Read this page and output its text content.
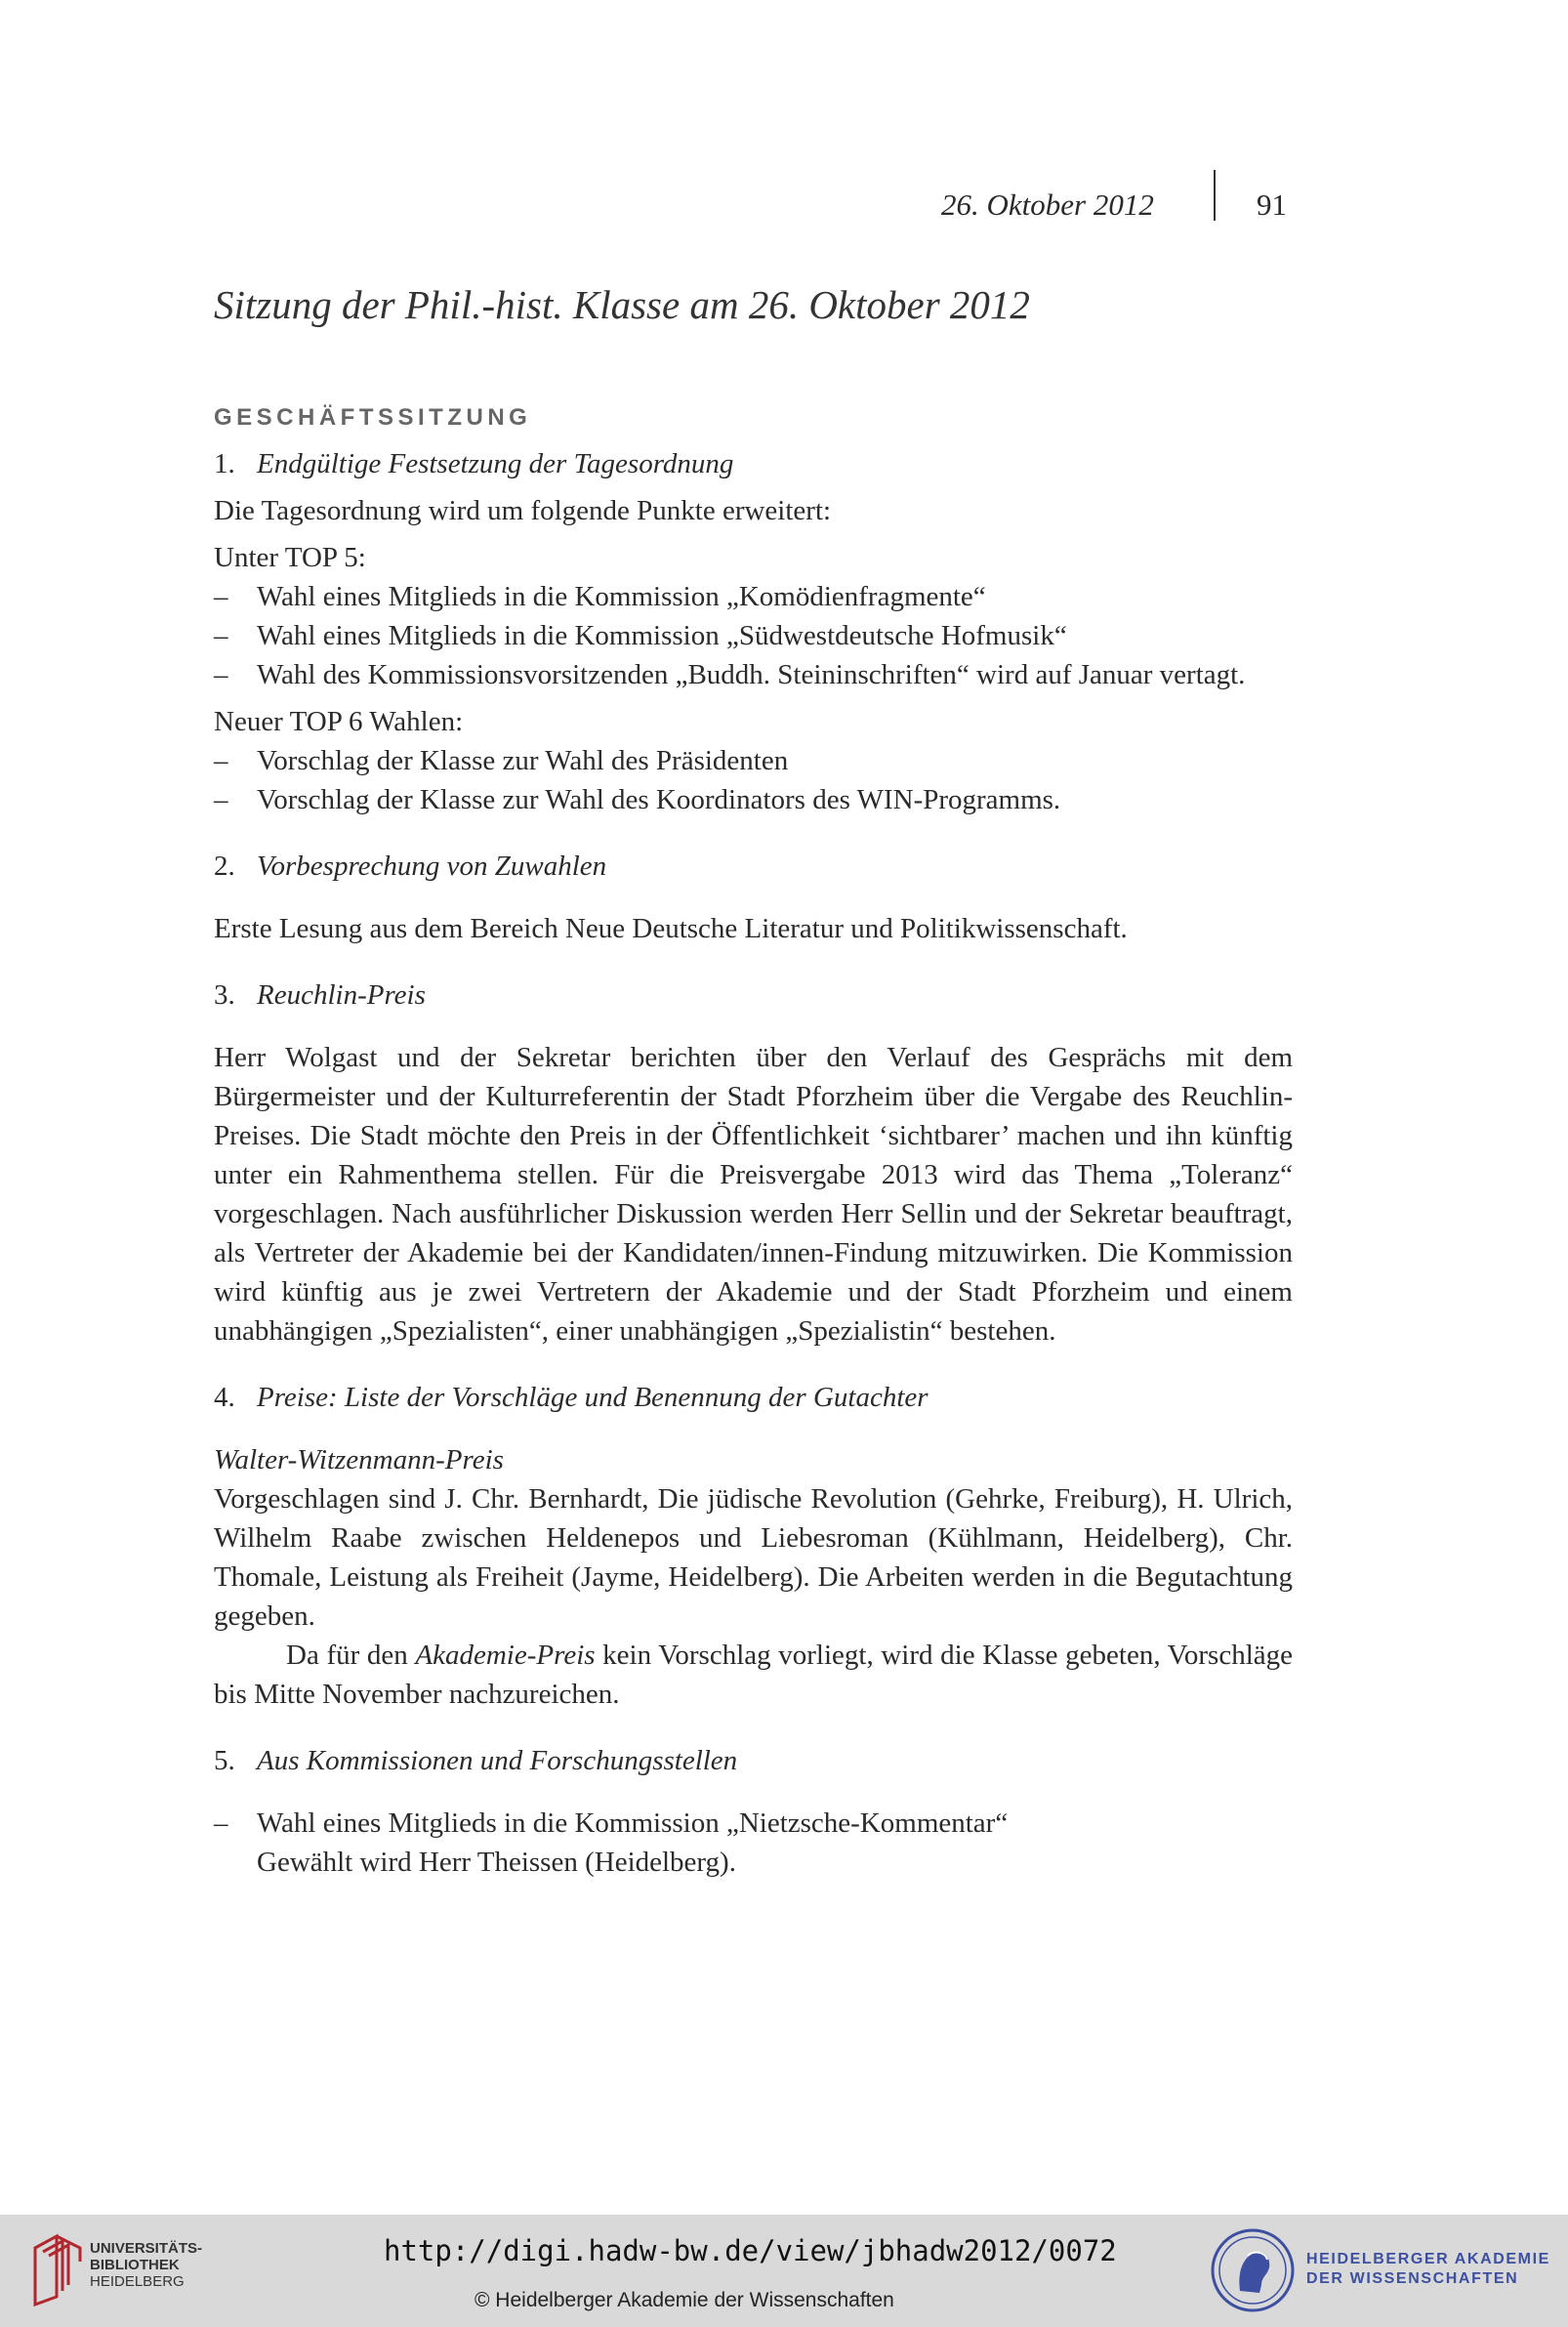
26. Oktober 2012	91
Sitzung der Phil.-hist. Klasse am 26. Oktober 2012
GESCHÄFTSSITZUNG

1. Endgültige Festsetzung der Tagesordnung

Die Tagesordnung wird um folgende Punkte erweitert:

Unter TOP 5:

– Wahl eines Mitglieds in die Kommission „Komödienfragmente“
– Wahl eines Mitglieds in die Kommission „Südwestdeutsche Hofmusik“
– Wahl des Kommissionsvorsitzenden „Buddh. Steininschriften“ wird auf Januar vertagt.

Neuer TOP 6 Wahlen:

– Vorschlag der Klasse zur Wahl des Präsidenten
– Vorschlag der Klasse zur Wahl des Koordinators des WIN-Programms.

2. Vorbesprechung von Zuwahlen

Erste Lesung aus dem Bereich Neue Deutsche Literatur und Politikwissenschaft.

3. Reuchlin-Preis

Herr Wolgast und der Sekretar berichten über den Verlauf des Gesprächs mit dem Bürgermeister und der Kulturreferentin der Stadt Pforzheim über die Vergabe des Reuchlin-Preises. Die Stadt möchte den Preis in der Öffentlichkeit ‘sichtbarer’ machen und ihn künftig unter ein Rahmenthema stellen. Für die Preisvergabe 2013 wird das Thema „Toleranz“ vorgeschlagen. Nach ausführlicher Diskussion werden Herr Sellin und der Sekretar beauftragt, als Vertreter der Akademie bei der Kandidaten/innen-Findung mitzuwirken. Die Kommission wird künftig aus je zwei Vertretern der Akademie und der Stadt Pforzheim und einem unabhängigen „Spezialisten“, einer unabhängigen „Spezialistin“ bestehen.

4. Preise: Liste der Vorschläge und Benennung der Gutachter

Walter-Witzenmann-Preis

Vorgeschlagen sind J. Chr. Bernhardt, Die jüdische Revolution (Gehrke, Freiburg), H. Ulrich, Wilhelm Raabe zwischen Heldenepos und Liebesroman (Kühlmann, Heidelberg), Chr. Thomale, Leistung als Freiheit (Jayme, Heidelberg). Die Arbeiten werden in die Begutachtung gegeben.

Da für den Akademie-Preis kein Vorschlag vorliegt, wird die Klasse gebeten, Vorschläge bis Mitte November nachzureichen.

5. Aus Kommissionen und Forschungsstellen

– Wahl eines Mitglieds in die Kommission „Nietzsche-Kommentar“
Gewählt wird Herr Theissen (Heidelberg).
UNIVERSITÄTS-
BIBLIOTHEK
HEIDELBERG
http://digi.hadw-bw.de/view/jbhadw2012/0072
© Heidelberger Akademie der Wissenschaften
HEIDELBERGER AKADEMIE
DER WISSENSCHAFTEN
